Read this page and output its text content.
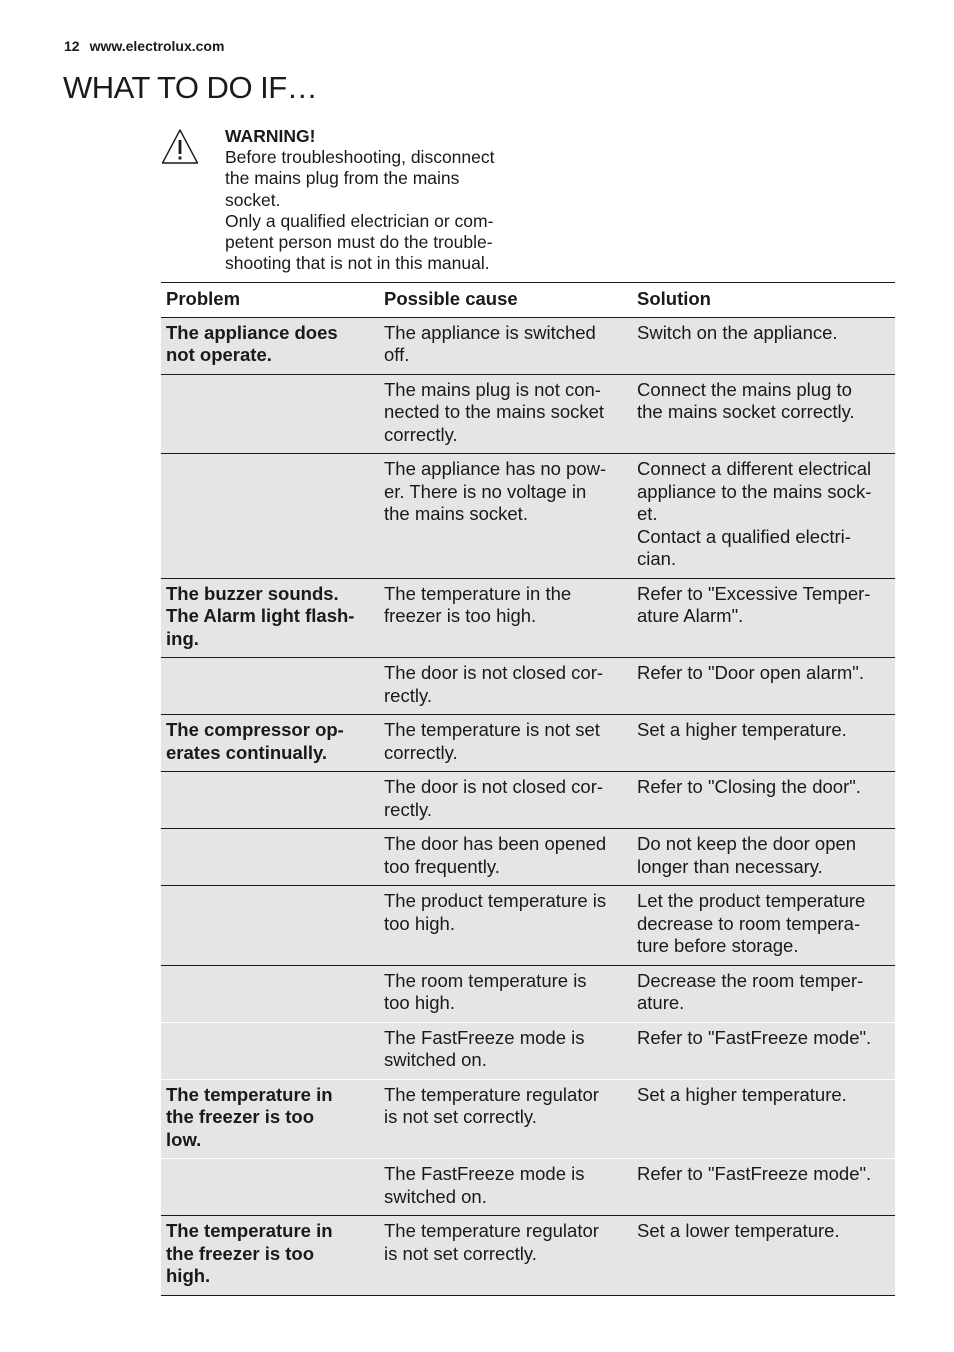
12 www.electrolux.com
WHAT TO DO IF…
WARNING!
Before troubleshooting, disconnect
the mains plug from the mains
socket.
Only a qualified electrician or com-
petent person must do the trouble-
shooting that is not in this manual.
Problem	Possible cause	Solution

The appliance does
not operate.	The appliance is switched
off.	Switch on the appliance.

	The mains plug is not con-
nected to the mains socket
correctly.	Connect the mains plug to
the mains socket correctly.

	The appliance has no pow-
er. There is no voltage in
the mains socket.	Connect a different electrical
appliance to the mains sock-
et.
Contact a qualified electri-
cian.

The buzzer sounds.
The Alarm light flash-
ing.	The temperature in the
freezer is too high.	Refer to "Excessive Temper-
ature Alarm".

	The door is not closed cor-
rectly.	Refer to "Door open alarm".

The compressor op-
erates continually.	The temperature is not set
correctly.	Set a higher temperature.

	The door is not closed cor-
rectly.	Refer to "Closing the door".

	The door has been opened
too frequently.	Do not keep the door open
longer than necessary.

	The product temperature is
too high.	Let the product temperature
decrease to room tempera-
ture before storage.

	The room temperature is
too high.	Decrease the room temper-
ature.

	The FastFreeze mode is
switched on.	Refer to "FastFreeze mode".

The temperature in
the freezer is too
low.	The temperature regulator
is not set correctly.	Set a higher temperature.

	The FastFreeze mode is
switched on.	Refer to "FastFreeze mode".

The temperature in
the freezer is too
high.	The temperature regulator
is not set correctly.	Set a lower temperature.
